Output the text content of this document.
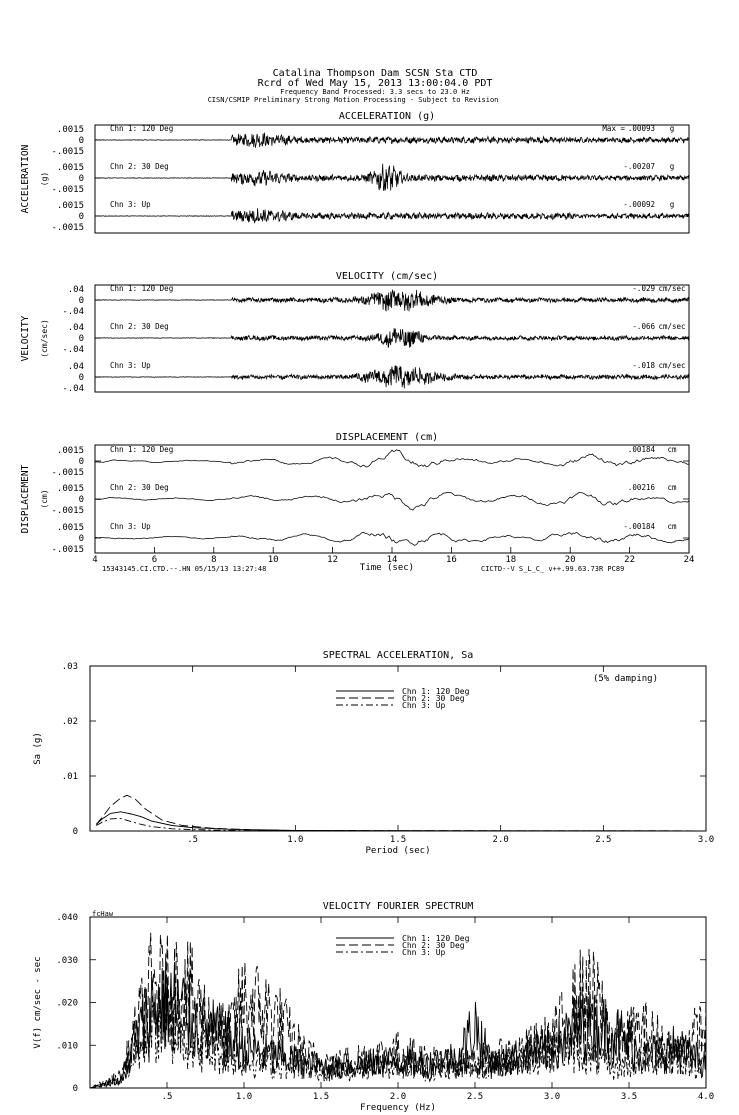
Catalina Thompson Dam SCSN Sta CTD
Rcrd of Wed May 15, 2013 13:00:04.0 PDT
Frequency Band Processed: 3.3 secs to 23.0 Hz
CISN/CSMIP Preliminary Strong Motion Processing - Subject to Revision
ACCELERATION (g)
ACCELERATION (g)
.0015
0
-.0015
Chn 1: 120 Deg	.00093 g
.0015
0
-.0015
Chn 2: 30 Deg	-.00207 g
.0015
0
-.0015
Chn 3: Up	-.00092 g
Max =
VELOCITY (cm/sec)
VELOCITY (cm/sec)
.04
0
-.04
Chn 1: 120 Deg	-.029 cm/sec
.04
0
-.04
Chn 2: 30 Deg	-.066 cm/sec
.04
0
-.04
Chn 3: Up	-.018 cm/sec
DISPLACEMENT (cm)
DISPLACEMENT (cm)
.0015
0
-.0015
Chn 1: 120 Deg	.00184 cm
.0015
0
-.0015
Chn 2: 30 Deg	.00216 cm
.0015
0
-.0015
Chn 3: Up	-.00184 cm
4	6	8	10	12	14	16	18	20	22	24
Time (sec)
15343145.CI.CTD.--.HN 05/15/13 13:27:48	CICTD--V S_L_C_ v++.99.63.73R PC89
SPECTRAL ACCELERATION, Sa
.5	1.0	1.5	2.0	2.5	3.0
0
.01
.02
.03
Period (sec)
Sa (g)
Chn 1: 120 Deg
Chn 2: 30 Deg
Chn 3: Up
(5% damping)
VELOCITY FOURIER SPECTRUM
.5	1.0	1.5	2.0	2.5	3.0	3.5	4.0
0
.010
.020
.030
.040
Frequency (Hz)
V(f) cm/sec - sec
Chn 1: 120 Deg
Chn 2: 30 Deg
Chn 3: Up
fcHaw
